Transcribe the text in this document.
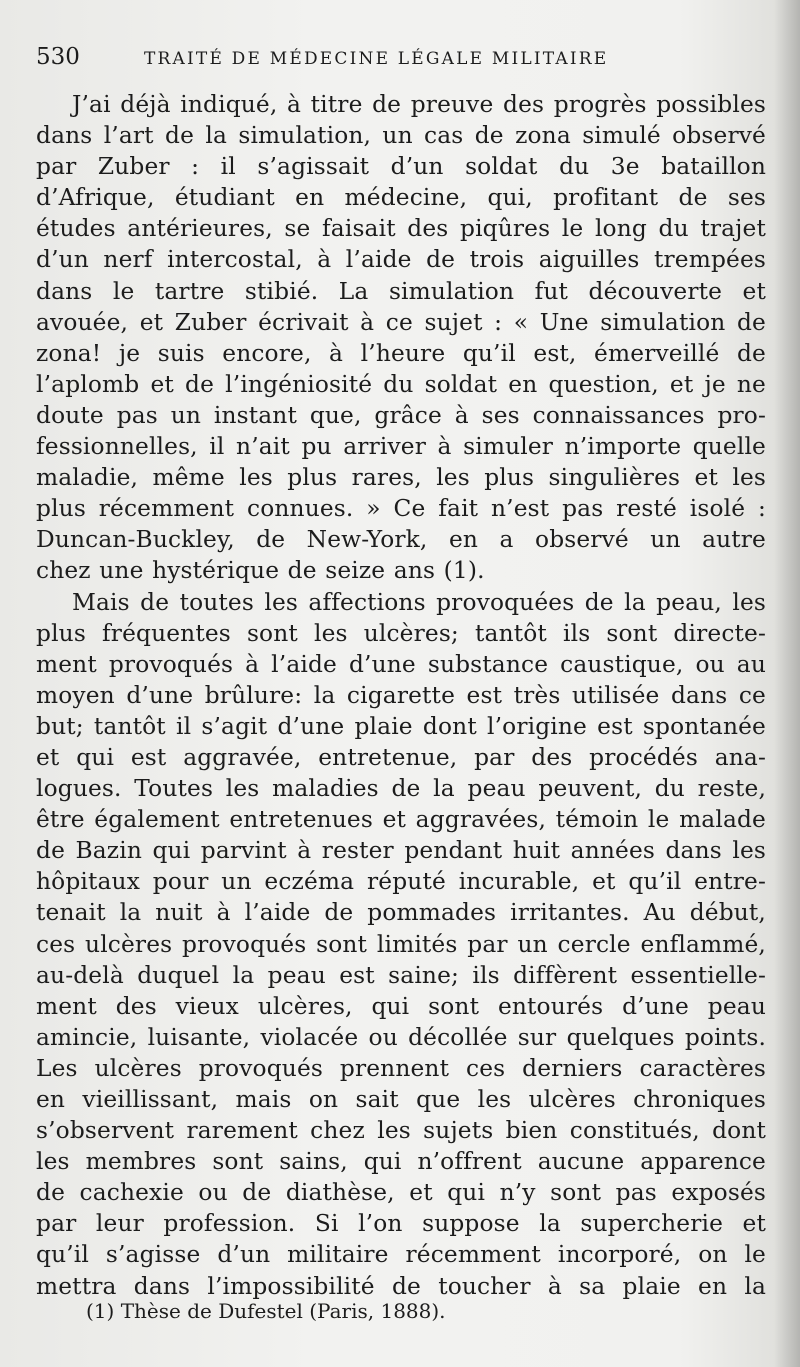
530	TRAITÉ DE MÉDECINE LÉGALE MILITAIRE
J’ai déjà indiqué, à titre de preuve des progrès possibles
dans l’art de la simulation, un cas de zona simulé observé
par Zuber : il s’agissait d’un soldat du 3e bataillon
d’Afrique, étudiant en médecine, qui, profitant de ses
études antérieures, se faisait des piqûres le long du trajet
d’un nerf intercostal, à l’aide de trois aiguilles trempées
dans le tartre stibié. La simulation fut découverte et
avouée, et Zuber écrivait à ce sujet : « Une simulation de
zona! je suis encore, à l’heure qu’il est, émerveillé de
l’aplomb et de l’ingéniosité du soldat en question, et je ne
doute pas un instant que, grâce à ses connaissances pro-
fessionnelles, il n’ait pu arriver à simuler n’importe quelle
maladie, même les plus rares, les plus singulières et les
plus récemment connues. » Ce fait n’est pas resté isolé :
Duncan-Buckley, de New-York, en a observé un autre
chez une hystérique de seize ans (1).
Mais de toutes les affections provoquées de la peau, les
plus fréquentes sont les ulcères; tantôt ils sont directe-
ment provoqués à l’aide d’une substance caustique, ou au
moyen d’une brûlure: la cigarette est très utilisée dans ce
but; tantôt il s’agit d’une plaie dont l’origine est spontanée
et qui est aggravée, entretenue, par des procédés ana-
logues. Toutes les maladies de la peau peuvent, du reste,
être également entretenues et aggravées, témoin le malade
de Bazin qui parvint à rester pendant huit années dans les
hôpitaux pour un eczéma réputé incurable, et qu’il entre-
tenait la nuit à l’aide de pommades irritantes. Au début,
ces ulcères provoqués sont limités par un cercle enflammé,
au-delà duquel la peau est saine; ils diffèrent essentielle-
ment des vieux ulcères, qui sont entourés d’une peau
amincie, luisante, violacée ou décollée sur quelques points.
Les ulcères provoqués prennent ces derniers caractères
en vieillissant, mais on sait que les ulcères chroniques
s’observent rarement chez les sujets bien constitués, dont
les membres sont sains, qui n’offrent aucune apparence
de cachexie ou de diathèse, et qui n’y sont pas exposés
par leur profession. Si l’on suppose la supercherie et
qu’il s’agisse d’un militaire récemment incorporé, on le
mettra dans l’impossibilité de toucher à sa plaie en la
(1) Thèse de Dufestel (Paris, 1888).
